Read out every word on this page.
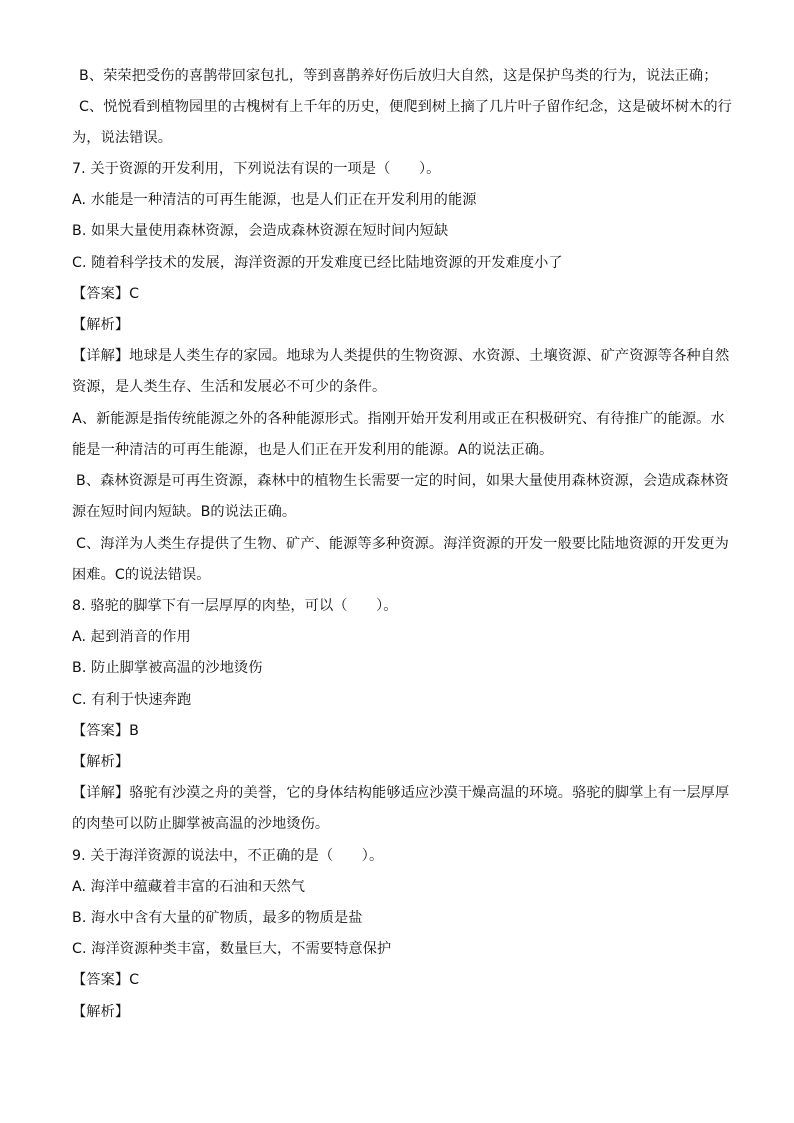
B、荣荣把受伤的喜鹊带回家包扎，等到喜鹊养好伤后放归大自然，这是保护鸟类的行为，说法正确；
C、悦悦看到植物园里的古槐树有上千年的历史，便爬到树上摘了几片叶子留作纪念，这是破坏树木的行
为，说法错误。
7. 关于资源的开发利用，下列说法有误的一项是（　　）。
A. 水能是一种清洁的可再生能源，也是人们正在开发利用的能源
B. 如果大量使用森林资源，会造成森林资源在短时间内短缺
C. 随着科学技术的发展，海洋资源的开发难度已经比陆地资源的开发难度小了
【答案】C
【解析】
【详解】地球是人类生存的家园。地球为人类提供的生物资源、水资源、土壤资源、矿产资源等各种自然
资源，是人类生存、生活和发展必不可少的条件。
A、新能源是指传统能源之外的各种能源形式。指刚开始开发利用或正在积极研究、有待推广的能源。水
能是一种清洁的可再生能源，也是人们正在开发利用的能源。A的说法正确。
B、森林资源是可再生资源，森林中的植物生长需要一定的时间，如果大量使用森林资源，会造成森林资
源在短时间内短缺。B的说法正确。
C、海洋为人类生存提供了生物、矿产、能源等多种资源。海洋资源的开发一般要比陆地资源的开发更为
困难。C的说法错误。
8. 骆驼的脚掌下有一层厚厚的肉垫，可以（　　）。
A. 起到消音的作用
B. 防止脚掌被高温的沙地烫伤
C. 有利于快速奔跑
【答案】B
【解析】
【详解】骆驼有沙漠之舟的美誉，它的身体结构能够适应沙漠干燥高温的环境。骆驼的脚掌上有一层厚厚
的肉垫可以防止脚掌被高温的沙地烫伤。
9. 关于海洋资源的说法中，不正确的是（　　）。
A. 海洋中蕴藏着丰富的石油和天然气
B. 海水中含有大量的矿物质，最多的物质是盐
C. 海洋资源种类丰富，数量巨大，不需要特意保护
【答案】C
【解析】
